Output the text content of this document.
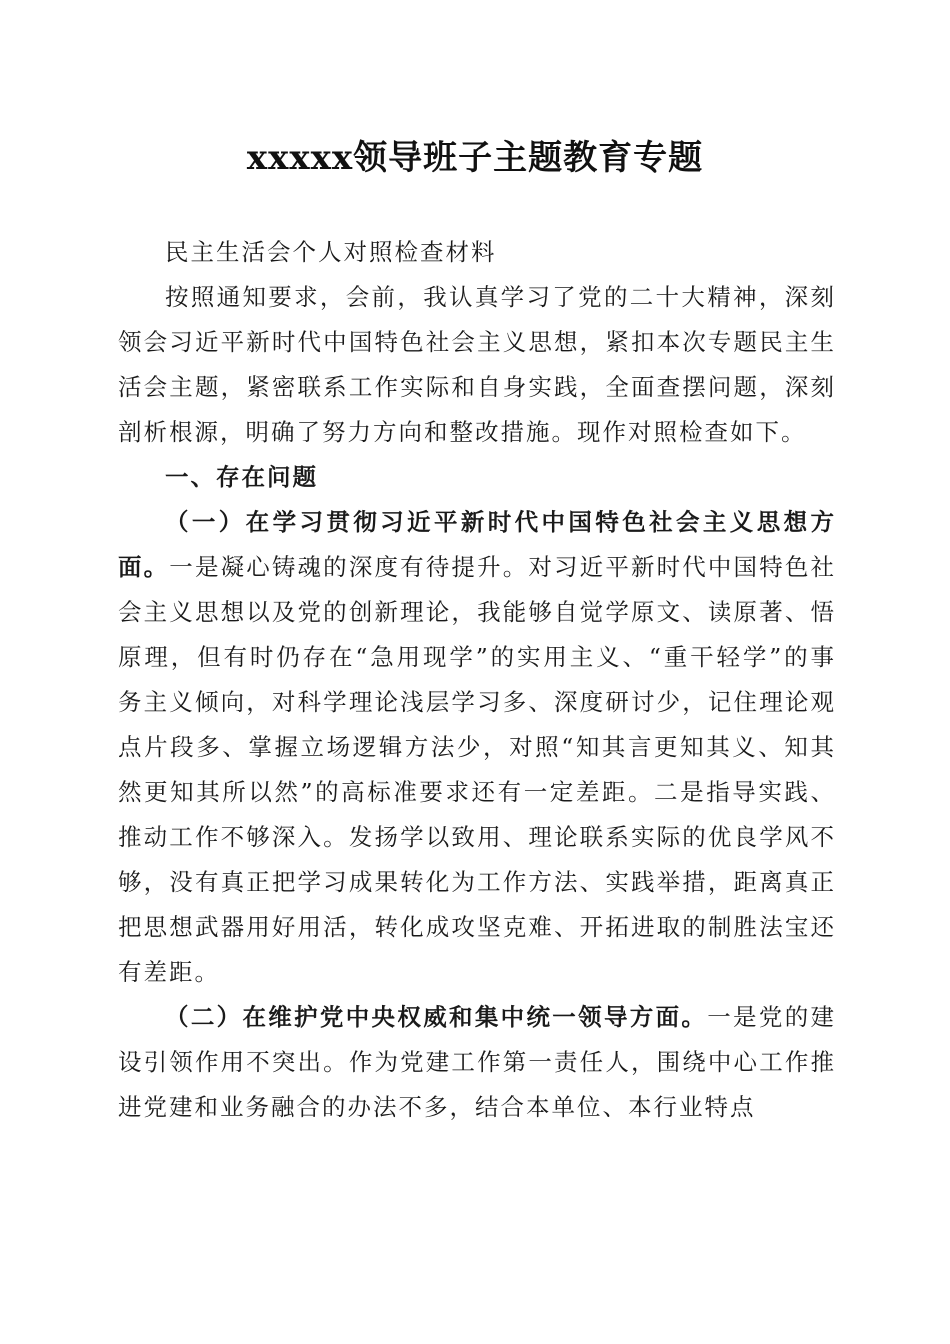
xxxxx领导班子主题教育专题

民主生活会个人对照检查材料

按照通知要求，会前，我认真学习了党的二十大精神，深刻领会习近平新时代中国特色社会主义思想，紧扣本次专题民主生活会主题，紧密联系工作实际和自身实践，全面查摆问题，深刻剖析根源，明确了努力方向和整改措施。现作对照检查如下。

一、存在问题

（一）在学习贯彻习近平新时代中国特色社会主义思想方面。一是凝心铸魂的深度有待提升。对习近平新时代中国特色社会主义思想以及党的创新理论，我能够自觉学原文、读原著、悟原理，但有时仍存在“急用现学”的实用主义、“重干轻学”的事务主义倾向，对科学理论浅层学习多、深度研讨少，记住理论观点片段多、掌握立场逻辑方法少，对照“知其言更知其义、知其然更知其所以然”的高标准要求还有一定差距。二是指导实践、推动工作不够深入。发扬学以致用、理论联系实际的优良学风不够，没有真正把学习成果转化为工作方法、实践举措，距离真正把思想武器用好用活，转化成攻坚克难、开拓进取的制胜法宝还有差距。

（二）在维护党中央权威和集中统一领导方面。一是党的建设引领作用不突出。作为党建工作第一责任人，围绕中心工作推进党建和业务融合的办法不多，结合本单位、本行业特点
